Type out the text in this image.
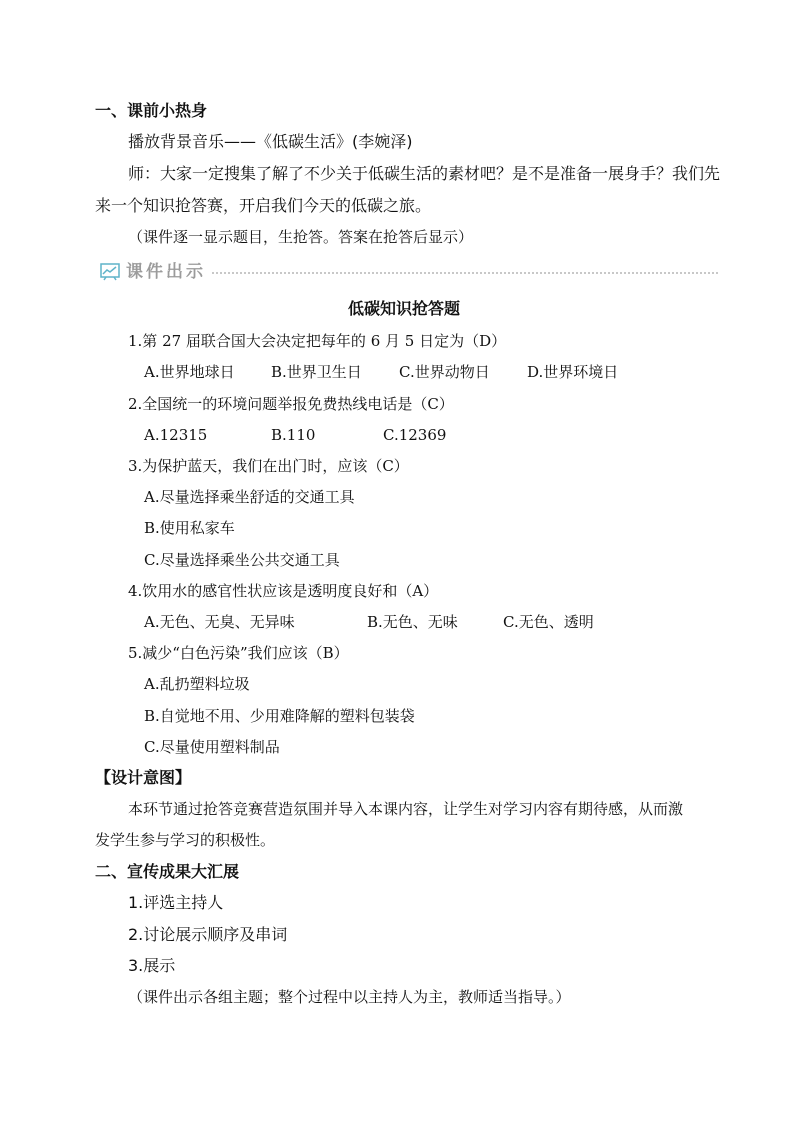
一、课前小热身
播放背景音乐——《低碳生活》(李婉泽)
师：大家一定搜集了解了不少关于低碳生活的素材吧？是不是准备一展身手？我们先
来一个知识抢答赛，开启我们今天的低碳之旅。
（课件逐一显示题目，生抢答。答案在抢答后显示）
课件出示
低碳知识抢答题
1.第 27 届联合国大会决定把每年的 6 月 5 日定为（D）
A.世界地球日 B.世界卫生日 C.世界动物日 D.世界环境日
2.全国统一的环境问题举报免费热线电话是（C）
A.12315	B.110	C.12369
3.为保护蓝天，我们在出门时，应该（C）
A.尽量选择乘坐舒适的交通工具
B.使用私家车
C.尽量选择乘坐公共交通工具
4.饮用水的感官性状应该是透明度良好和（A）
A.无色、无臭、无异味	B.无色、无味	C.无色、透明
5.减少“白色污染”我们应该（B）
A.乱扔塑料垃圾
B.自觉地不用、少用难降解的塑料包装袋
C.尽量使用塑料制品
【设计意图】
本环节通过抢答竞赛营造氛围并导入本课内容，让学生对学习内容有期待感，从而激
发学生参与学习的积极性。
二、宣传成果大汇展
1.评选主持人
2.讨论展示顺序及串词
3.展示
（课件出示各组主题；整个过程中以主持人为主，教师适当指导。）
